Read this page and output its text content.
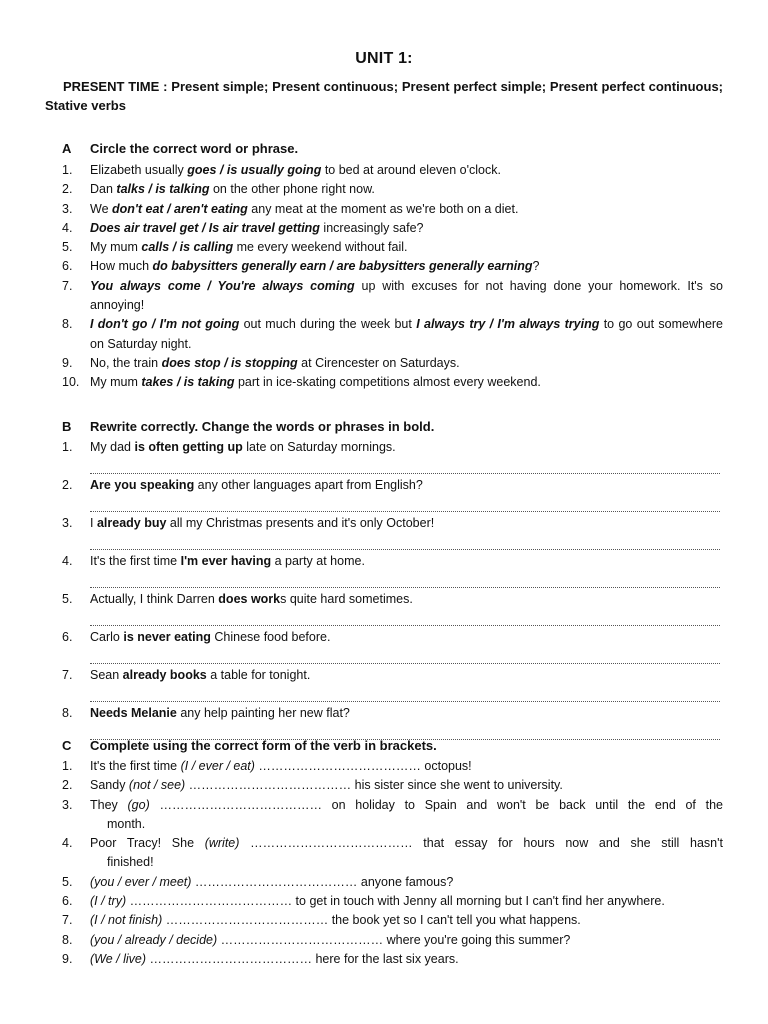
UNIT 1:
PRESENT TIME : Present simple; Present continuous; Present perfect simple; Present perfect continuous;
Stative verbs
A Circle the correct word or phrase.
1.	Elizabeth usually goes / is usually going to bed at around eleven o'clock.
2.	Dan talks / is talking on the other phone right now.
3.	We don't eat / aren't eating any meat at the moment as we're both on a diet.
4.	Does air travel get / Is air travel getting increasingly safe?
5.	My mum calls / is calling me every weekend without fail.
6.	How much do babysitters generally earn / are babysitters generally earning?
7.	You always come / You're always coming up with excuses for not having done your homework. It's so
annoying!
8.	I don't go / I'm not going out much during the week but I always try / I'm always trying to go out somewhere
on Saturday night.
9.	No, the train does stop / is stopping at Cirencester on Saturdays.
10. My mum takes / is taking part in ice-skating competitions almost every weekend.
B Rewrite correctly. Change the words or phrases in bold.
1.	My dad is often getting up late on Saturday mornings.
2.	Are you speaking any other languages apart from English?
3.	I already buy all my Christmas presents and it's only October!
4.	It's the first time I'm ever having a party at home.
5.	Actually, I think Darren does works quite hard sometimes.
6.	Carlo is never eating Chinese food before.
7.	Sean already books a table for tonight.
8.	Needs Melanie any help painting her new flat?
C Complete using the correct form of the verb in brackets.
1.	It's the first time (I / ever / eat) ………………………………… octopus!
2.	Sandy (not / see) ………………………………… his sister since she went to university.
3.	They (go) ………………………………… on holiday to Spain and won't be back until the end of the
month.
4.	Poor Tracy! She (write) ………………………………… that essay for hours now and she still hasn't
finished!
5.	(you / ever / meet) ………………………………… anyone famous?
6.	(I / try) ………………………………… to get in touch with Jenny all morning but I can't find her anywhere.
7.	(I / not finish) ………………………………… the book yet so I can't tell you what happens.
8.	(you / already / decide) ………………………………… where you're going this summer?
9.	(We / live) ………………………………… here for the last six years.
